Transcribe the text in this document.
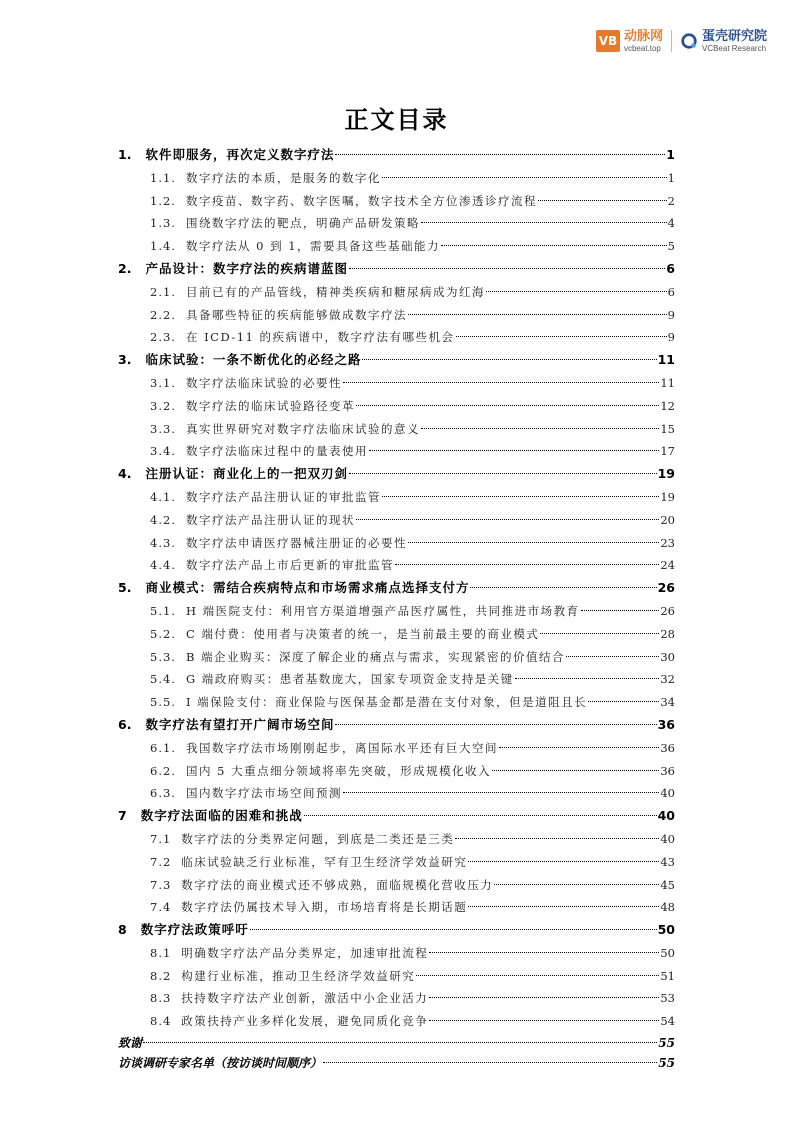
VB 动脉网
vcbeat.top
蛋壳研究院
VCBeat Research
正文目录
1. 软件即服务，再次定义数字疗法	1
1.1. 数字疗法的本质，是服务的数字化	1
1.2. 数字疫苗、数字药、数字医嘱，数字技术全方位渗透诊疗流程	2
1.3. 围绕数字疗法的靶点，明确产品研发策略	4
1.4. 数字疗法从 0 到 1，需要具备这些基础能力	5
2. 产品设计：数字疗法的疾病谱蓝图	6
2.1. 目前已有的产品管线，精神类疾病和糖尿病成为红海	6
2.2. 具备哪些特征的疾病能够做成数字疗法	9
2.3. 在 ICD-11 的疾病谱中，数字疗法有哪些机会	9
3. 临床试验：一条不断优化的必经之路	11
3.1. 数字疗法临床试验的必要性	11
3.2. 数字疗法的临床试验路径变革	12
3.3. 真实世界研究对数字疗法临床试验的意义	15
3.4. 数字疗法临床过程中的量表使用	17
4. 注册认证：商业化上的一把双刃剑	19
4.1. 数字疗法产品注册认证的审批监管	19
4.2. 数字疗法产品注册认证的现状	20
4.3. 数字疗法申请医疗器械注册证的必要性	23
4.4. 数字疗法产品上市后更新的审批监管	24
5. 商业模式：需结合疾病特点和市场需求痛点选择支付方	26
5.1. H 端医院支付：利用官方渠道增强产品医疗属性，共同推进市场教育	26
5.2. C 端付费：使用者与决策者的统一，是当前最主要的商业模式	28
5.3. B 端企业购买：深度了解企业的痛点与需求，实现紧密的价值结合	30
5.4. G 端政府购买：患者基数庞大，国家专项资金支持是关键	32
5.5. I 端保险支付：商业保险与医保基金都是潜在支付对象，但是道阻且长	34
6. 数字疗法有望打开广阔市场空间	36
6.1. 我国数字疗法市场刚刚起步，离国际水平还有巨大空间	36
6.2. 国内 5 大重点细分领域将率先突破，形成规模化收入	36
6.3. 国内数字疗法市场空间预测	40
7 数字疗法面临的困难和挑战	40
7.1 数字疗法的分类界定问题，到底是二类还是三类	40
7.2 临床试验缺乏行业标准，罕有卫生经济学效益研究	43
7.3 数字疗法的商业模式还不够成熟，面临规模化营收压力	45
7.4 数字疗法仍属技术导入期，市场培育将是长期话题	48
8 数字疗法政策呼吁	50
8.1 明确数字疗法产品分类界定，加速审批流程	50
8.2 构建行业标准，推动卫生经济学效益研究	51
8.3 扶持数字疗法产业创新，激活中小企业活力	53
8.4 政策扶持产业多样化发展，避免同质化竞争	54
致谢	55
访谈调研专家名单（按访谈时间顺序）	55
